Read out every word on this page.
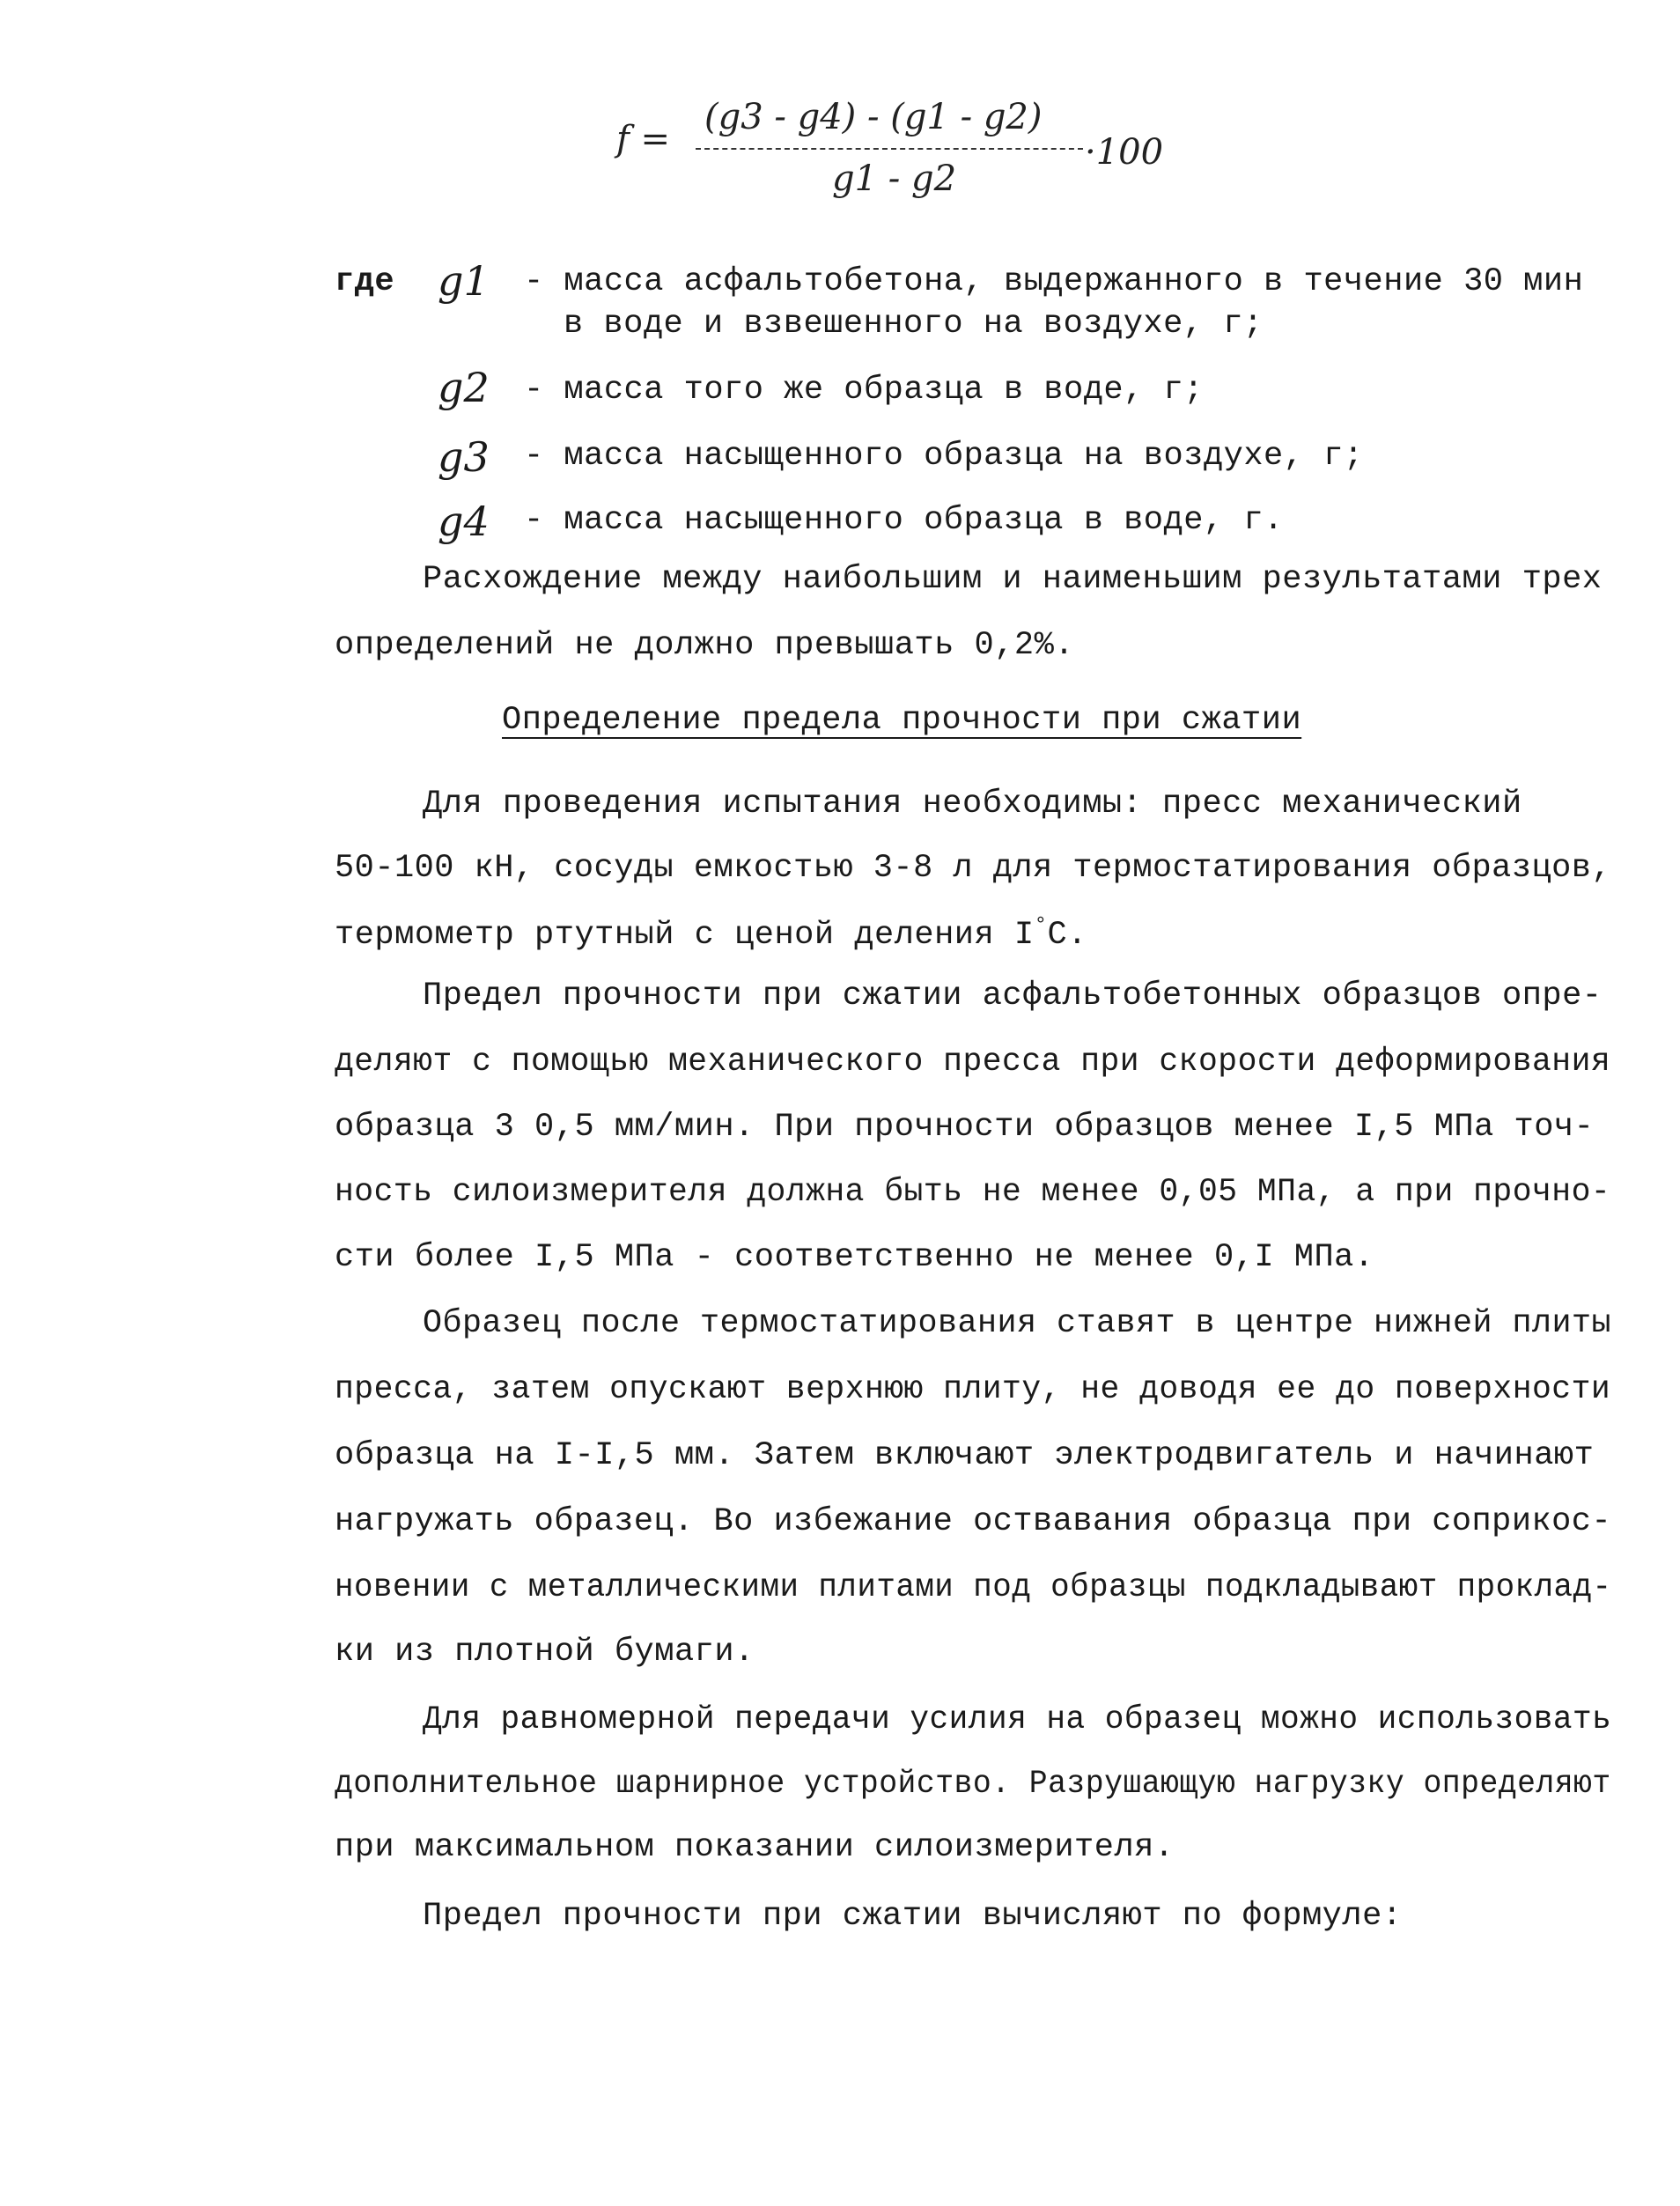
f =
(g3 - g4) - (g1 - g2)
g1 - g2
·100
где g1 - масса асфальтобетона, выдержанного в течение 30 мин
в воде и взвешенного на воздухе, г;
g2 - масса того же образца в воде, г;
g3 - масса насыщенного образца на воздухе, г;
g4 - масса насыщенного образца в воде, г.
Расхождение между наибольшим и наименьшим результатами трех
определений не должно превышать 0,2%.
Определение предела прочности при сжатии
Для проведения испытания необходимы: пресс механический
50-100 кН, сосуды емкостью 3-8 л для термостатирования образцов,
термометр ртутный с ценой деления I°С.
Предел прочности при сжатии асфальтобетонных образцов опре-
деляют с помощью механического пресса при скорости деформирования
образца 3 0,5 мм/мин. При прочности образцов менее I,5 МПа точ-
ность силоизмерителя должна быть не менее 0,05 МПа, а при прочно-
сти более I,5 МПа - соответственно не менее 0,I МПа.
Образец после термостатирования ставят в центре нижней плиты
пресса, затем опускают верхнюю плиту, не доводя ее до поверхности
образца на I-I,5 мм. Затем включают электродвигатель и начинают
нагружать образец. Во избежание оствавания образца при соприкос-
новении с металлическими плитами под образцы подкладывают проклад-
ки из плотной бумаги.
Для равномерной передачи усилия на образец можно использовать
дополнительное шарнирное устройство. Разрушающую нагрузку определяют
при максимальном показании силоизмерителя.
Предел прочности при сжатии вычисляют по формуле:
